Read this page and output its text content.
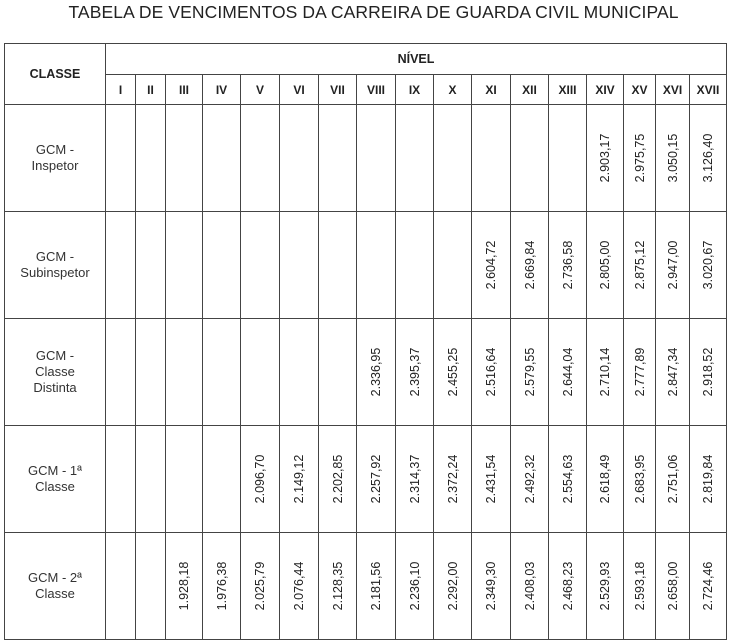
TABELA DE VENCIMENTOS DA CARREIRA DE GUARDA CIVIL MUNICIPAL
CLASSE	NÍVEL																
	I	II	III	IV	V	VI	VII	VIII	IX	X	XI	XII	XIII	XIV	XV	XVI	XVII

GCM -
Inspetor														2.903,17	2.975,75	3.050,15	3.126,40

GCM -
Subinspetor											2.604,72	2.669,84	2.736,58	2.805,00	2.875,12	2.947,00	3.020,67

GCM -
Classe
Distinta								2.336,95	2.395,37	2.455,25	2.516,64	2.579,55	2.644,04	2.710,14	2.777,89	2.847,34	2.918,52

GCM - 1ª
Classe					2.096,70	2.149,12	2.202,85	2.257,92	2.314,37	2.372,24	2.431,54	2.492,32	2.554,63	2.618,49	2.683,95	2.751,06	2.819,84

GCM - 2ª
Classe			1.928,18	1.976,38	2.025,79	2.076,44	2.128,35	2.181,56	2.236,10	2.292,00	2.349,30	2.408,03	2.468,23	2.529,93	2.593,18	2.658,00	2.724,46
